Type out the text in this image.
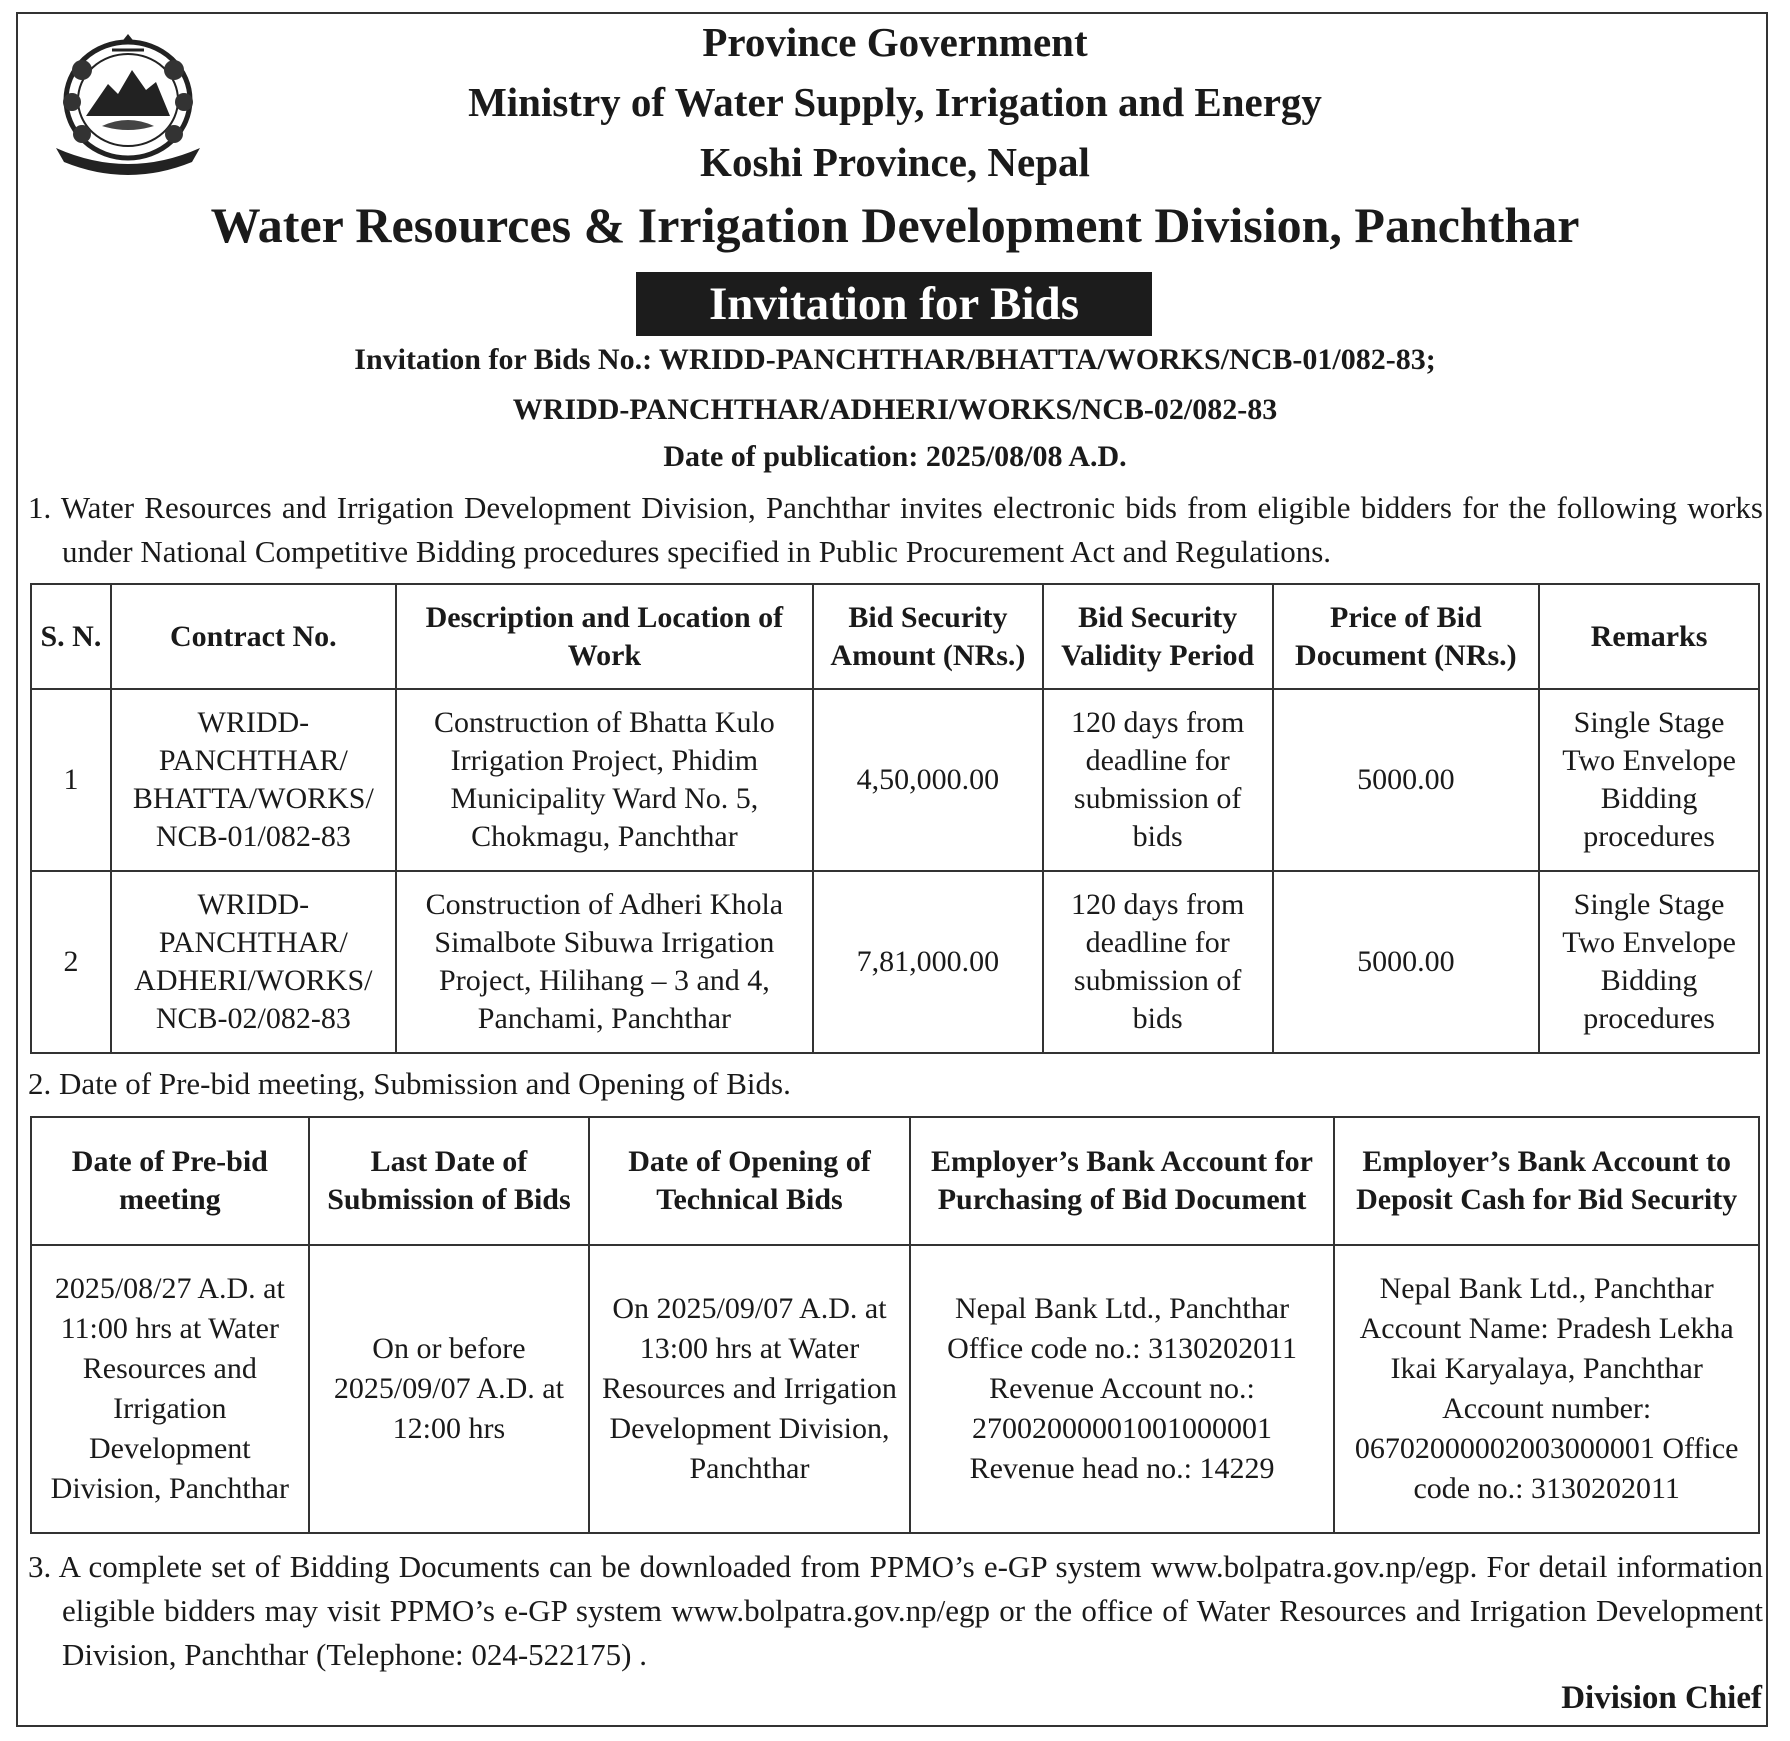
Province Government
Ministry of Water Supply, Irrigation and Energy
Koshi Province, Nepal
Water Resources & Irrigation Development Division, Panchthar
Invitation for Bids
Invitation for Bids No.: WRIDD-PANCHTHAR/BHATTA/WORKS/NCB-01/082-83;
WRIDD-PANCHTHAR/ADHERI/WORKS/NCB-02/082-83
Date of publication: 2025/08/08 A.D.
1. Water Resources and Irrigation Development Division, Panchthar invites electronic bids from eligible bidders for the following works under National Competitive Bidding procedures specified in Public Procurement Act and Regulations.
S. N.	Contract No.	Description and Location of Work	Bid Security Amount (NRs.)	Bid Security Validity Period	Price of Bid Document (NRs.)	Remarks
1	WRIDD-PANCHTHAR/ BHATTA/WORKS/ NCB-01/082-83	Construction of Bhatta Kulo Irrigation Project, Phidim Municipality Ward No. 5, Chokmagu, Panchthar	4,50,000.00	120 days from deadline for submission of bids	5000.00	Single Stage Two Envelope Bidding procedures
2	WRIDD-PANCHTHAR/ ADHERI/WORKS/ NCB-02/082-83	Construction of Adheri Khola Simalbote Sibuwa Irrigation Project, Hilihang – 3 and 4, Panchami, Panchthar	7,81,000.00	120 days from deadline for submission of bids	5000.00	Single Stage Two Envelope Bidding procedures
2. Date of Pre-bid meeting, Submission and Opening of Bids.
Date of Pre-bid meeting	Last Date of Submission of Bids	Date of Opening of Technical Bids	Employer’s Bank Account for Purchasing of Bid Document	Employer’s Bank Account to Deposit Cash for Bid Security
2025/08/27 A.D. at 11:00 hrs at Water Resources and Irrigation Development Division, Panchthar	On or before 2025/09/07 A.D. at 12:00 hrs	On 2025/09/07 A.D. at 13:00 hrs at Water Resources and Irrigation Development Division, Panchthar	Nepal Bank Ltd., Panchthar Office code no.: 3130202011 Revenue Account no.: 27002000001001000001 Revenue head no.: 14229	Nepal Bank Ltd., Panchthar Account Name: Pradesh Lekha Ikai Karyalaya, Panchthar Account number: 06702000002003000001 Office code no.: 3130202011
3. A complete set of Bidding Documents can be downloaded from PPMO’s e-GP system www.bolpatra.gov.np/egp. For detail information eligible bidders may visit PPMO’s e-GP system www.bolpatra.gov.np/egp or the office of Water Resources and Irrigation Development Division, Panchthar (Telephone: 024-522175) .
Division Chief
